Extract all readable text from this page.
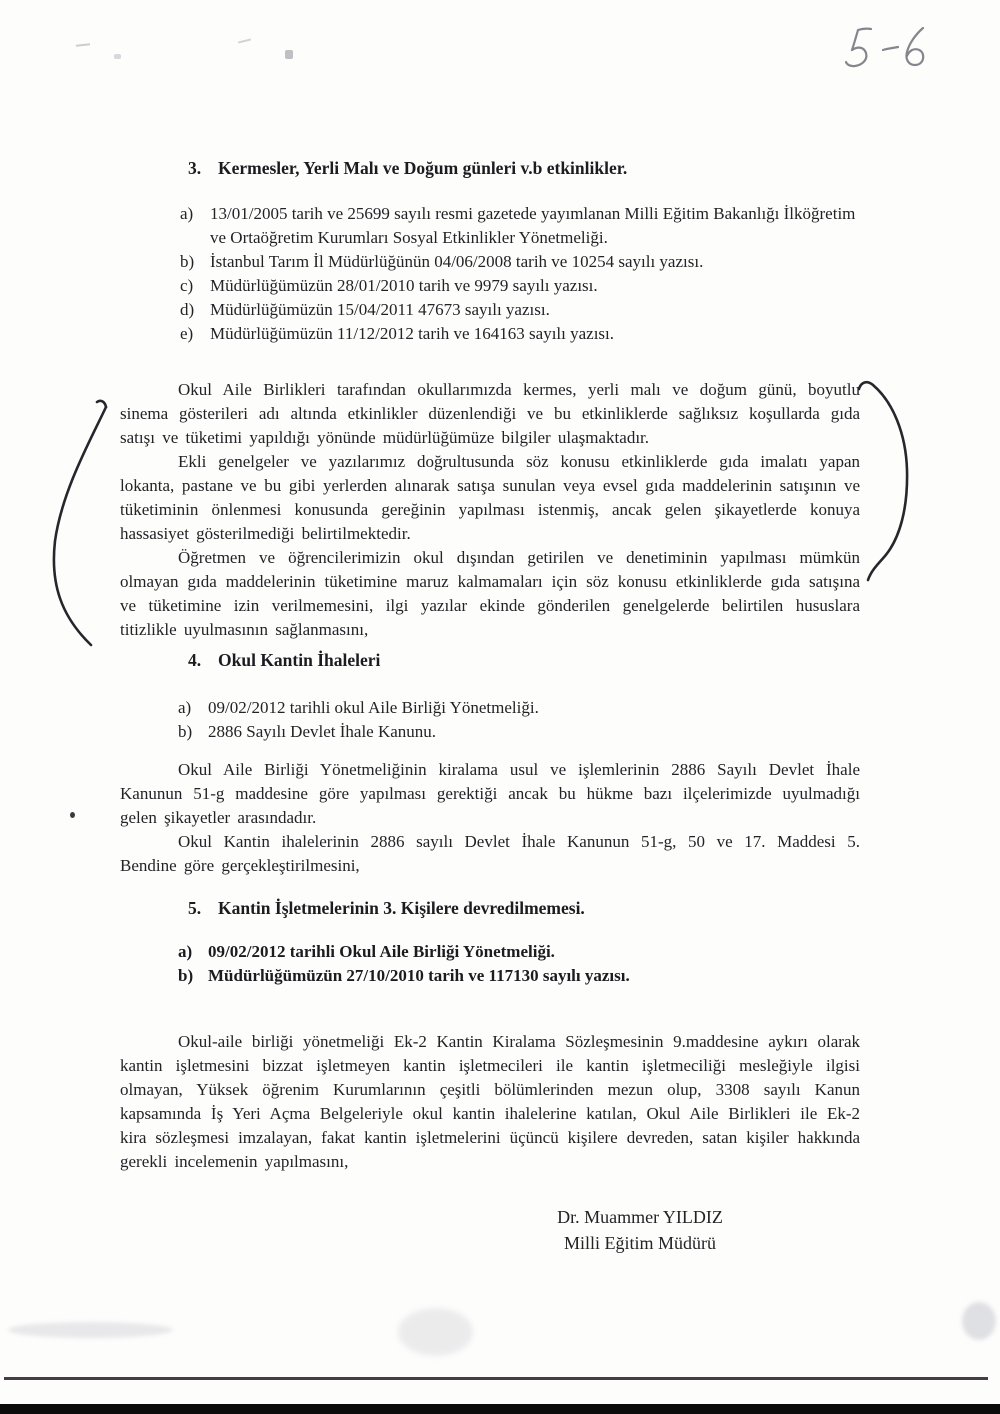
3. Kermesler, Yerli Malı ve Doğum günleri v.b etkinlikler.
a) 13/01/2005 tarih ve 25699 sayılı resmi gazetede yayımlanan Milli Eğitim Bakanlığı İlköğretim ve Ortaöğretim Kurumları Sosyal Etkinlikler Yönetmeliği.
b) İstanbul Tarım İl Müdürlüğünün 04/06/2008 tarih ve 10254 sayılı yazısı.
c) Müdürlüğümüzün 28/01/2010 tarih ve 9979 sayılı yazısı.
d) Müdürlüğümüzün 15/04/2011 47673 sayılı yazısı.
e) Müdürlüğümüzün 11/12/2012 tarih ve 164163 sayılı yazısı.

Okul Aile Birlikleri tarafından okullarımızda kermes, yerli malı ve doğum günü, boyutlu sinema gösterileri adı altında etkinlikler düzenlendiği ve bu etkinliklerde sağlıksız koşullarda gıda satışı ve tüketimi yapıldığı yönünde müdürlüğümüze bilgiler ulaşmaktadır.

Ekli genelgeler ve yazılarımız doğrultusunda söz konusu etkinliklerde gıda imalatı yapan lokanta, pastane ve bu gibi yerlerden alınarak satışa sunulan veya evsel gıda maddelerinin satışının ve tüketiminin önlenmesi konusunda gereğinin yapılması istenmiş, ancak gelen şikayetlerde konuya hassasiyet gösterilmediği belirtilmektedir.

Öğretmen ve öğrencilerimizin okul dışından getirilen ve denetiminin yapılması mümkün olmayan gıda maddelerinin tüketimine maruz kalmamaları için söz konusu etkinliklerde gıda satışına ve tüketimine izin verilmemesini, ilgi yazılar ekinde gönderilen genelgelerde belirtilen hususlara titizlikle uyulmasının sağlanmasını,

4. Okul Kantin İhaleleri
a) 09/02/2012 tarihli okul Aile Birliği Yönetmeliği.
b) 2886 Sayılı Devlet İhale Kanunu.

Okul Aile Birliği Yönetmeliğinin kiralama usul ve işlemlerinin 2886 Sayılı Devlet İhale Kanunun 51-g maddesine göre yapılması gerektiği ancak bu hükme bazı ilçelerimizde uyulmadığı gelen şikayetler arasındadır.

Okul Kantin ihalelerinin 2886 sayılı Devlet İhale Kanunun 51-g, 50 ve 17. Maddesi 5. Bendine göre gerçekleştirilmesini,

5. Kantin İşletmelerinin 3. Kişilere devredilmemesi.
a) 09/02/2012 tarihli Okul Aile Birliği Yönetmeliği.
b) Müdürlüğümüzün 27/10/2010 tarih ve 117130 sayılı yazısı.

Okul-aile birliği yönetmeliği Ek-2 Kantin Kiralama Sözleşmesinin 9.maddesine aykırı olarak kantin işletmesini bizzat işletmeyen kantin işletmecileri ile kantin işletmeciliği mesleğiyle ilgisi olmayan, Yüksek öğrenim Kurumlarının çeşitli bölümlerinden mezun olup, 3308 sayılı Kanun kapsamında İş Yeri Açma Belgeleriyle okul kantin ihalelerine katılan, Okul Aile Birlikleri ile Ek-2 kira sözleşmesi imzalayan, fakat kantin işletmelerini üçüncü kişilere devreden, satan kişiler hakkında gerekli incelemenin yapılmasını,

Dr. Muammer YILDIZ
Milli Eğitim Müdürü
